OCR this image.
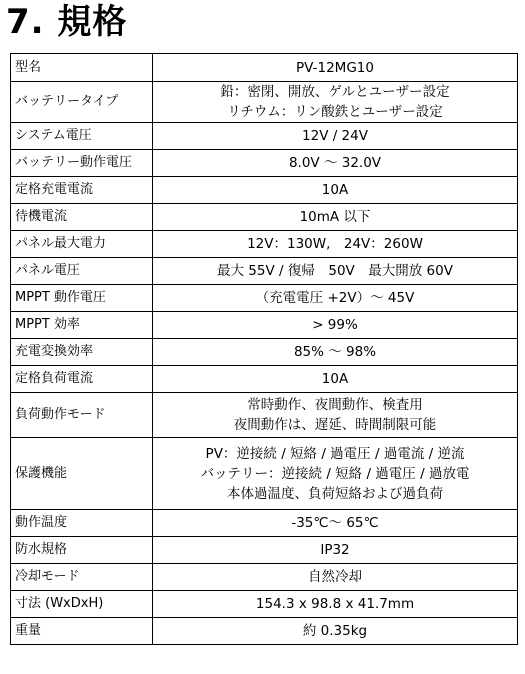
7. 規格
型名	PV-12MG10

バッテリータイプ	鉛：密閉、開放、ゲルとユーザー設定
リチウム：リン酸鉄とユーザー設定

システム電圧	12V / 24V

バッテリー動作電圧	8.0V ～ 32.0V

定格充電電流	10A

待機電流	10mA 以下

パネル最大電力	12V：130W,　24V：260W

パネル電圧	最大 55V / 復帰　50V　最大開放 60V

MPPT 動作電圧	（充電電圧 +2V）～ 45V

MPPT 効率	> 99%

充電変換効率	85% ～ 98%

定格負荷電流	10A

負荷動作モード	常時動作、夜間動作、検査用
夜間動作は、遅延、時間制限可能

保護機能	PV：逆接続 / 短絡 / 過電圧 / 過電流 / 逆流
バッテリー：逆接続 / 短絡 / 過電圧 / 過放電
本体過温度、負荷短絡および過負荷

動作温度	-35℃～ 65℃

防水規格	IP32

冷却モード	自然冷却

寸法 (WxDxH)	154.3 x 98.8 x 41.7mm

重量	約 0.35kg
